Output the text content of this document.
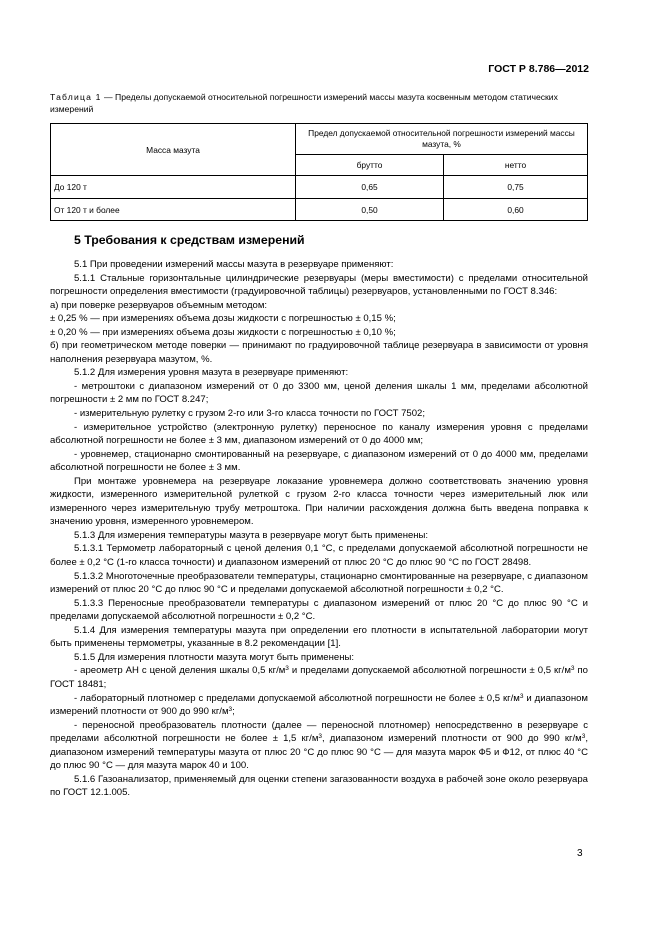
ГОСТ Р 8.786—2012
Таблица 1 — Пределы допускаемой относительной погрешности измерений массы мазута косвенным методом статических измерений
Масса мазута	Предел допускаемой относительной погрешности измерений массы мазута, %	
	брутто	нетто
До 120 т	0,65	0,75
От 120 т и более	0,50	0,60
5 Требования к средствам измерений

5.1 При проведении измерений массы мазута в резервуаре применяют:

5.1.1 Стальные горизонтальные цилиндрические резервуары (меры вместимости) с пределами относительной погрешности определения вместимости (градуировочной таблицы) резервуаров, установленными по ГОСТ 8.346:

а) при поверке резервуаров объемным методом:

± 0,25 % — при измерениях объема дозы жидкости с погрешностью ± 0,15 %;

± 0,20 % — при измерениях объема дозы жидкости с погрешностью ± 0,10 %;

б) при геометрическом методе поверки — принимают по градуировочной таблице резервуара в зависимости от уровня наполнения резервуара мазутом, %.

5.1.2 Для измерения уровня мазута в резервуаре применяют:

- метроштоки с диапазоном измерений от 0 до 3300 мм, ценой деления шкалы 1 мм, пределами абсолютной погрешности ± 2 мм по ГОСТ 8.247;

- измерительную рулетку с грузом 2-го или 3-го класса точности по ГОСТ 7502;

- измерительное устройство (электронную рулетку) переносное по каналу измерения уровня с пределами абсолютной погрешности не более ± 3 мм, диапазоном измерений от 0 до 4000 мм;

- уровнемер, стационарно смонтированный на резервуаре, с диапазоном измерений от 0 до 4000 мм, пределами абсолютной погрешности не более ± 3 мм.

При монтаже уровнемера на резервуаре локазание уровнемера должно соответствовать значению уровня жидкости, измеренного измерительной рулеткой с грузом 2-го класса точности через измерительный люк или измеренного через измерительную трубу метроштока. При наличии расхождения должна быть введена поправка к значению уровня, измеренного уровнемером.

5.1.3 Для измерения температуры мазута в резервуаре могут быть применены:

5.1.3.1 Термометр лабораторный с ценой деления 0,1 °С, с пределами допускаемой абсолютной погрешности не более ± 0,2 °С (1-го класса точности) и диапазоном измерений от плюс 20 °С до плюс 90 °С по ГОСТ 28498.

5.1.3.2 Многоточечные преобразователи температуры, стационарно смонтированные на резервуаре, с диапазоном измерений от плюс 20 °С до плюс 90 °С и пределами допускаемой абсолютной погрешности ± 0,2 °С.

5.1.3.3 Переносные преобразователи температуры с диапазоном измерений от плюс 20 °С до плюс 90 °С и пределами допускаемой абсолютной погрешности ± 0,2 °С.

5.1.4 Для измерения температуры мазута при определении его плотности в испытательной лаборатории могут быть применены термометры, указанные в 8.2 рекомендации [1].

5.1.5 Для измерения плотности мазута могут быть применены:

- ареометр АН с ценой деления шкалы 0,5 $кг/м^3$ и пределами допускаемой абсолютной погрешности ± 0,5 $кг/м^3$ по ГОСТ 18481;

- лабораторный плотномер с пределами допускаемой абсолютной погрешности не более ± 0,5 $кг/м^3$ и диапазоном измерений плотности от 900 до 990 $кг/м^3$;

- переносной преобразователь плотности (далее — переносной плотномер) непосредственно в резервуаре с пределами абсолютной погрешности не более ± 1,5 $кг/м^3$, диапазоном измерений плотности от 900 до 990 $кг/м^3$, диапазоном измерений температуры мазута от плюс 20 °С до плюс 90 °С — для мазута марок Ф5 и Ф12, от плюс 40 °С до плюс 90 °С — для мазута марок 40 и 100.

5.1.6 Газоанализатор, применяемый для оценки степени загазованности воздуха в рабочей зоне около резервуара по ГОСТ 12.1.005.

3
